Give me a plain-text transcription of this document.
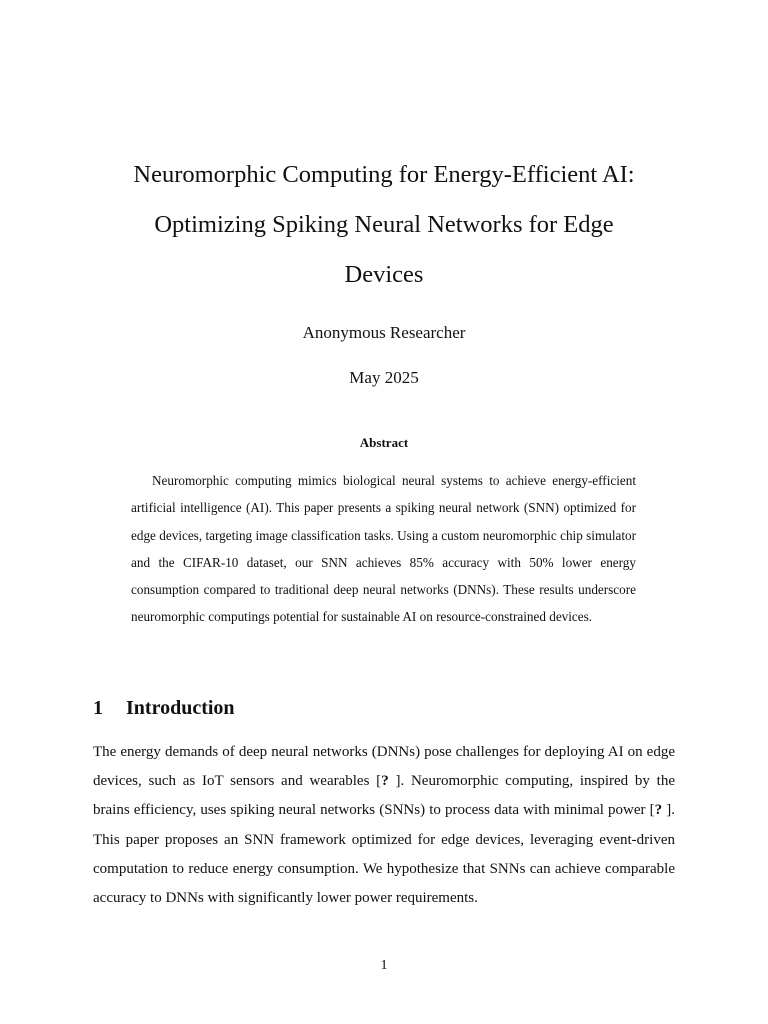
Neuromorphic Computing for Energy-Efficient AI:
Optimizing Spiking Neural Networks for Edge
Devices
Anonymous Researcher
May 2025
Abstract

Neuromorphic computing mimics biological neural systems to achieve energy-efficient artificial intelligence (AI). This paper presents a spiking neural network (SNN) optimized for edge devices, targeting image classification tasks. Using a custom neuromorphic chip simulator and the CIFAR-10 dataset, our SNN achieves 85% accuracy with 50% lower energy consumption compared to traditional deep neural networks (DNNs). These results underscore neuromorphic computings potential for sustainable AI on resource-constrained devices.

1 Introduction

The energy demands of deep neural networks (DNNs) pose challenges for deploying AI on edge devices, such as IoT sensors and wearables [? ]. Neuromorphic computing, inspired by the brains efficiency, uses spiking neural networks (SNNs) to process data with minimal power [? ]. This paper proposes an SNN framework optimized for edge devices, leveraging event-driven computation to reduce energy consumption. We hypothesize that SNNs can achieve comparable accuracy to DNNs with significantly lower power requirements.

1
